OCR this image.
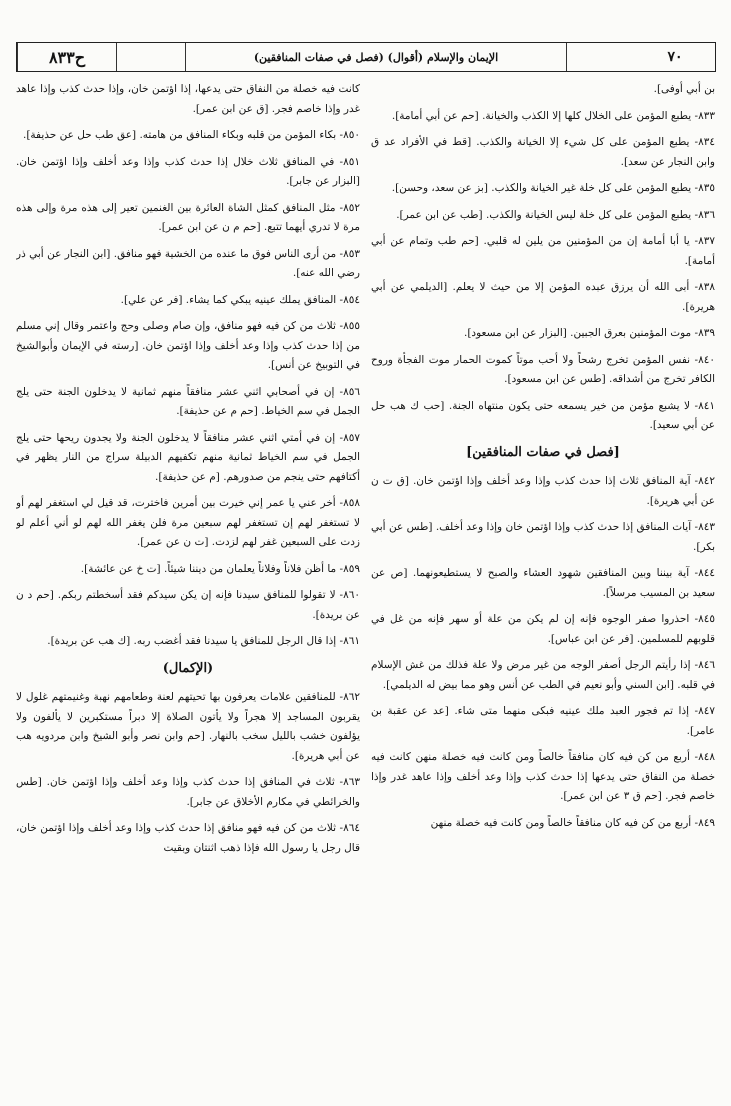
ح٨٣٣	الإيمان والإسلام (أقوال) (فصل في صفات المنافقين)	٧٠
بن أبي أوفى].
٨٣٣- يطبع المؤمن على الخلال كلها إلا الكذب والخيانة. [حم عن أبي أمامة].
٨٣٤- يطبع المؤمن على كل شيء إلا الخيانة والكذب. [قط في الأفراد عد ق وابن النجار عن سعد].
٨٣٥- يطبع المؤمن على كل خلة غير الخيانة والكذب. [بز عن سعد، وحسن].
٨٣٦- يطبع المؤمن على كل خلة ليس الخيانة والكذب. [طب عن ابن عمر].
٨٣٧- يا أبا أمامة إن من المؤمنين من يلين له قلبي. [حم طب وتمام عن أبي أمامة].
٨٣٨- أبى الله أن يرزق عبده المؤمن إلا من حيث لا يعلم. [الديلمي عن أبي هريرة].
٨٣٩- موت المؤمنين بعرق الجبين. [البزار عن ابن مسعود].
٨٤٠- نفس المؤمن تخرج رشحاً ولا أحب موتاً كموت الحمار موت الفجأة وروح الكافر تخرج من أشداقه. [طس عن ابن مسعود].
٨٤١- لا يشبع مؤمن من خير يسمعه حتى يكون منتهاه الجنة. [حب ك هب حل عن أبي سعيد].
[فصل في صفات المنافقين]
٨٤٢- آية المنافق ثلاث إذا حدث كذب وإذا وعد أخلف وإذا اؤتمن خان. [ق ت ن عن أبي هريرة].
٨٤٣- آيات المنافق إذا حدث كذب وإذا اؤتمن خان وإذا وعد أخلف. [طس عن أبي بكر].
٨٤٤- آية بيننا وبين المنافقين شهود العشاء والصبح لا يستطيعونهما. [ص عن سعيد بن المسيب مرسلاً].
٨٤٥- احذروا صفر الوجوه فإنه إن لم يكن من علة أو سهر فإنه من غل في قلوبهم للمسلمين. [فر عن ابن عباس].
٨٤٦- إذا رأيتم الرجل أصفر الوجه من غير مرض ولا علة فذلك من غش الإسلام في قلبه. [ابن السني وأبو نعيم في الطب عن أنس وهو مما بيض له الديلمي].
٨٤٧- إذا تم فجور العبد ملك عينيه فبكى منهما متى شاء. [عد عن عقبة بن عامر].
٨٤٨- أربع من كن فيه كان منافقاً خالصاً ومن كانت فيه خصلة منهن كانت فيه خصلة من النفاق حتى يدعها إذا حدث كذب وإذا وعد أخلف وإذا عاهد غدر وإذا خاصم فجر. [حم ق ٣ عن ابن عمر].
٨٤٩- أربع من كن فيه كان منافقاً خالصاً ومن كانت فيه خصلة منهن
كانت فيه خصلة من النفاق حتى يدعها، إذا اؤتمن خان، وإذا حدث كذب وإذا عاهد غدر وإذا خاصم فجر. [ق عن ابن عمر].
٨٥٠- بكاء المؤمن من قلبه وبكاء المنافق من هامته. [عق طب حل عن حذيفة].
٨٥١- في المنافق ثلاث خلال إذا حدث كذب وإذا وعد أخلف وإذا اؤتمن خان. [البزار عن جابر].
٨٥٢- مثل المنافق كمثل الشاة العائرة بين الغنمين تعير إلى هذه مرة وإلى هذه مرة لا تدري أيهما تتبع. [حم م ن عن ابن عمر].
٨٥٣- من أرى الناس فوق ما عنده من الخشية فهو منافق. [ابن النجار عن أبي ذر رضي الله عنه].
٨٥٤- المنافق يملك عينيه يبكي كما يشاء. [فر عن علي].
٨٥٥- ثلاث من كن فيه فهو منافق، وإن صام وصلى وحج واعتمر وقال إني مسلم من إذا حدث كذب وإذا وعد أخلف وإذا اؤتمن خان. [رسته في الإيمان وأبوالشيخ في التوبيخ عن أنس].
٨٥٦- إن في أصحابي اثني عشر منافقاً منهم ثمانية لا يدخلون الجنة حتى يلج الجمل في سم الخياط. [حم م عن حذيفة].
٨٥٧- إن في أمتي اثني عشر منافقاً لا يدخلون الجنة ولا يجدون ريحها حتى يلج الجمل في سم الخياط ثمانية منهم تكفيهم الدبيلة سراج من النار يظهر في أكتافهم حتى ينجم من صدورهم. [م عن حذيفة].
٨٥٨- أخر عني يا عمر إني خيرت بين أمرين فاخترت، قد قيل لي استغفر لهم أو لا تستغفر لهم إن تستغفر لهم سبعين مرة فلن يغفر الله لهم لو أني أعلم لو زدت على السبعين غفر لهم لزدت. [ت ن عن عمر].
٨٥٩- ما أظن فلاناً وفلاناً يعلمان من ديننا شيئاً. [ت خ عن عائشة].
٨٦٠- لا تقولوا للمنافق سيدنا فإنه إن يكن سيدكم فقد أسخطتم ربكم. [حم د ن عن بريدة].
٨٦١- إذا قال الرجل للمنافق يا سيدنا فقد أغضب ربه. [ك هب عن بريدة].
(الإكمال)
٨٦٢- للمنافقين علامات يعرفون بها تحيتهم لعنة وطعامهم نهبة وغنيمتهم غلول لا يقربون المساجد إلا هجراً ولا يأتون الصلاة إلا دبراً مستكبرين لا يألفون ولا يؤلفون خشب بالليل سخب بالنهار. [حم وابن نصر وأبو الشيخ وابن مردويه هب عن أبي هريرة].
٨٦٣- ثلاث في المنافق إذا حدث كذب وإذا وعد أخلف وإذا اؤتمن خان. [طس والخرائطي في مكارم الأخلاق عن جابر].
٨٦٤- ثلاث من كن فيه فهو منافق إذا حدث كذب وإذا وعد أخلف وإذا اؤتمن خان، قال رجل يا رسول الله فإذا ذهب اثنتان وبقيت
